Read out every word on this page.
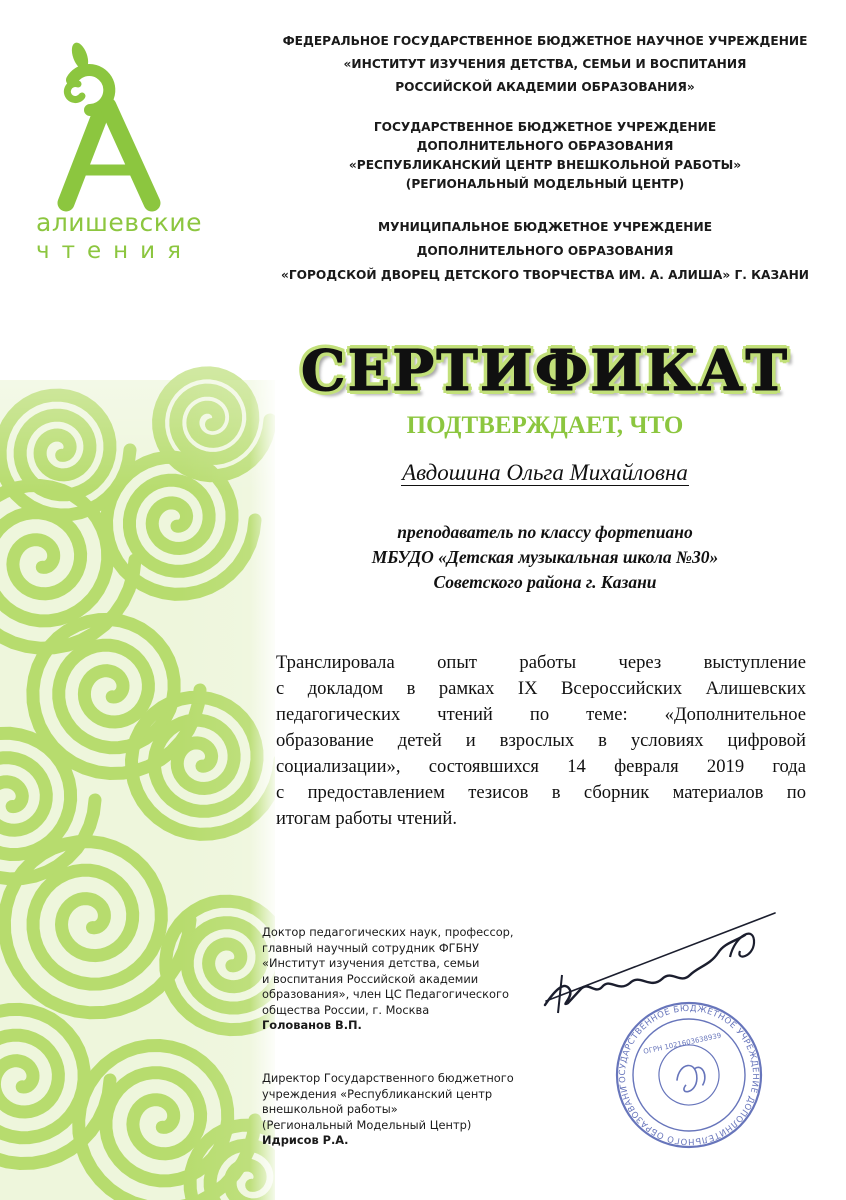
алишевские
чтения
ФЕДЕРАЛЬНОЕ ГОСУДАРСТВЕННОЕ БЮДЖЕТНОЕ НАУЧНОЕ УЧРЕЖДЕНИЕ
«ИНСТИТУТ ИЗУЧЕНИЯ ДЕТСТВА, СЕМЬИ И ВОСПИТАНИЯ
РОССИЙСКОЙ АКАДЕМИИ ОБРАЗОВАНИЯ»
ГОСУДАРСТВЕННОЕ БЮДЖЕТНОЕ УЧРЕЖДЕНИЕ
ДОПОЛНИТЕЛЬНОГО ОБРАЗОВАНИЯ
«РЕСПУБЛИКАНСКИЙ ЦЕНТР ВНЕШКОЛЬНОЙ РАБОТЫ»
(РЕГИОНАЛЬНЫЙ МОДЕЛЬНЫЙ ЦЕНТР)
МУНИЦИПАЛЬНОЕ БЮДЖЕТНОЕ УЧРЕЖДЕНИЕ
ДОПОЛНИТЕЛЬНОГО ОБРАЗОВАНИЯ
«ГОРОДСКОЙ ДВОРЕЦ ДЕТСКОГО ТВОРЧЕСТВА ИМ. А. АЛИША» Г. КАЗАНИ
СЕРТИФИКАТ
ПОДТВЕРЖДАЕТ, ЧТО
Авдошина Ольга Михайловна
преподаватель по классу фортепиано
МБУДО «Детская музыкальная школа №30»
Советского района г. Казани
Транслировала опыт работы через выступление
с докладом в рамках IX Всероссийских Алишевских
педагогических чтений по теме: «Дополнительное
образование детей и взрослых в условиях цифровой
социализации», состоявшихся 14 февраля 2019 года
с предоставлением тезисов в сборник материалов по
итогам работы чтений.
Доктор педагогических наук, профессор,
главный научный сотрудник ФГБНУ
«Институт изучения детства, семьи
и воспитания Российской академии
образования», член ЦС Педагогического
общества России, г. Москва
Голованов В.П.
Директор Государственного бюджетного
учреждения «Республиканский центр
внешкольной работы»
(Региональный Модельный Центр)
Идрисов Р.А.
ГОСУДАРСТВЕННОЕ БЮДЖЕТНОЕ УЧРЕЖДЕНИЕ ДОПОЛНИТЕЛЬНОГО ОБРАЗОВАНИЯ
ОГРН 1021603638939
